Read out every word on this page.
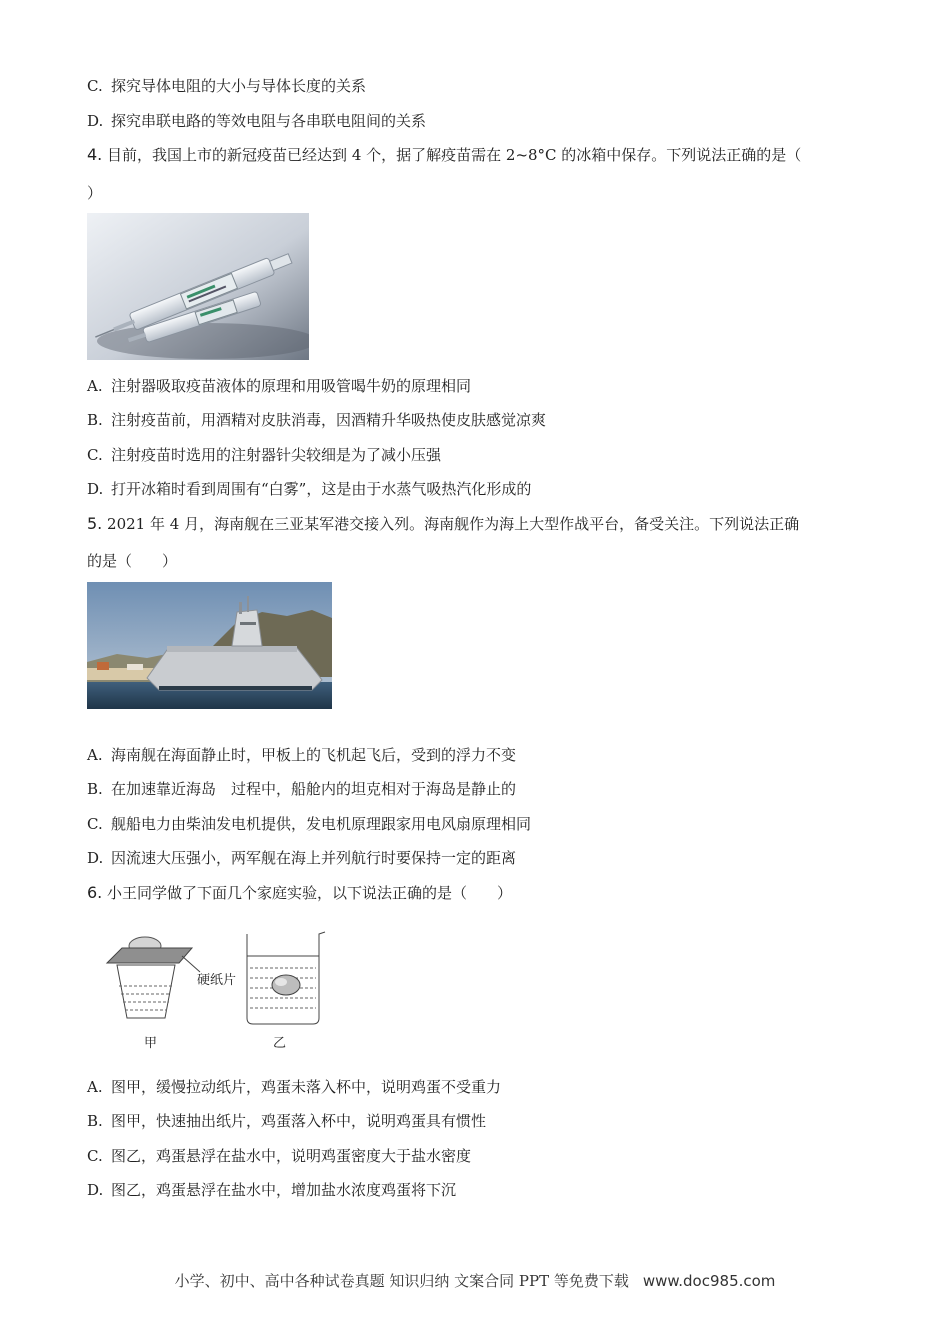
C. 探究导体电阻的大小与导体长度的关系
D. 探究串联电路的等效电阻与各串联电阻间的关系
4. 目前，我国上市的新冠疫苗已经达到 4 个，据了解疫苗需在 2~8°C 的冰箱中保存。下列说法正确的是（
）
A. 注射器吸取疫苗液体的原理和用吸管喝牛奶的原理相同
B. 注射疫苗前，用酒精对皮肤消毒，因酒精升华吸热使皮肤感觉凉爽
C. 注射疫苗时选用的注射器针尖较细是为了减小压强
D. 打开冰箱时看到周围有“白雾”，这是由于水蒸气吸热汽化形成的
5. 2021 年 4 月，海南舰在三亚某军港交接入列。海南舰作为海上大型作战平台，备受关注。下列说法正确
的是（　　）
A. 海南舰在海面静止时，甲板上的飞机起飞后，受到的浮力不变
B. 在加速靠近海岛　过程中，船舱内的坦克相对于海岛是静止的
C. 舰船电力由柴油发电机提供，发电机原理跟家用电风扇原理相同
D. 因流速大压强小，两军舰在海上并列航行时要保持一定的距离
6. 小王同学做了下面几个家庭实验，以下说法正确的是（　　）
硬纸片
甲	乙
A. 图甲，缓慢拉动纸片，鸡蛋未落入杯中，说明鸡蛋不受重力
B. 图甲，快速抽出纸片，鸡蛋落入杯中，说明鸡蛋具有惯性
C. 图乙，鸡蛋悬浮在盐水中，说明鸡蛋密度大于盐水密度
D. 图乙，鸡蛋悬浮在盐水中，增加盐水浓度鸡蛋将下沉
小学、初中、高中各种试卷真题 知识归纳 文案合同 PPT 等免费下载 www.doc985.com
